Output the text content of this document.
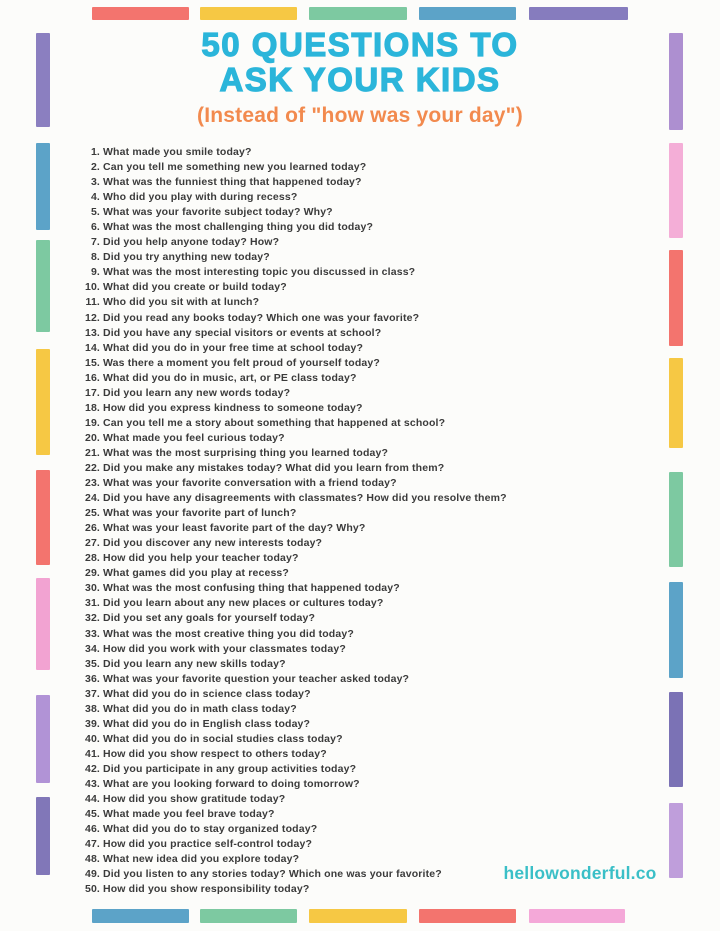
50 QUESTIONS TO
ASK YOUR KIDS
(Instead of "how was your day")
1. What made you smile today?
2. Can you tell me something new you learned today?
3. What was the funniest thing that happened today?
4. Who did you play with during recess?
5. What was your favorite subject today? Why?
6. What was the most challenging thing you did today?
7. Did you help anyone today? How?
8. Did you try anything new today?
9. What was the most interesting topic you discussed in class?
10. What did you create or build today?
11. Who did you sit with at lunch?
12. Did you read any books today? Which one was your favorite?
13. Did you have any special visitors or events at school?
14. What did you do in your free time at school today?
15. Was there a moment you felt proud of yourself today?
16. What did you do in music, art, or PE class today?
17. Did you learn any new words today?
18. How did you express kindness to someone today?
19. Can you tell me a story about something that happened at school?
20. What made you feel curious today?
21. What was the most surprising thing you learned today?
22. Did you make any mistakes today? What did you learn from them?
23. What was your favorite conversation with a friend today?
24. Did you have any disagreements with classmates? How did you resolve them?
25. What was your favorite part of lunch?
26. What was your least favorite part of the day? Why?
27. Did you discover any new interests today?
28. How did you help your teacher today?
29. What games did you play at recess?
30. What was the most confusing thing that happened today?
31. Did you learn about any new places or cultures today?
32. Did you set any goals for yourself today?
33. What was the most creative thing you did today?
34. How did you work with your classmates today?
35. Did you learn any new skills today?
36. What was your favorite question your teacher asked today?
37. What did you do in science class today?
38. What did you do in math class today?
39. What did you do in English class today?
40. What did you do in social studies class today?
41. How did you show respect to others today?
42. Did you participate in any group activities today?
43. What are you looking forward to doing tomorrow?
44. How did you show gratitude today?
45. What made you feel brave today?
46. What did you do to stay organized today?
47. How did you practice self-control today?
48. What new idea did you explore today?
49. Did you listen to any stories today? Which one was your favorite?
50. How did you show responsibility today?
hellowonderful.co
